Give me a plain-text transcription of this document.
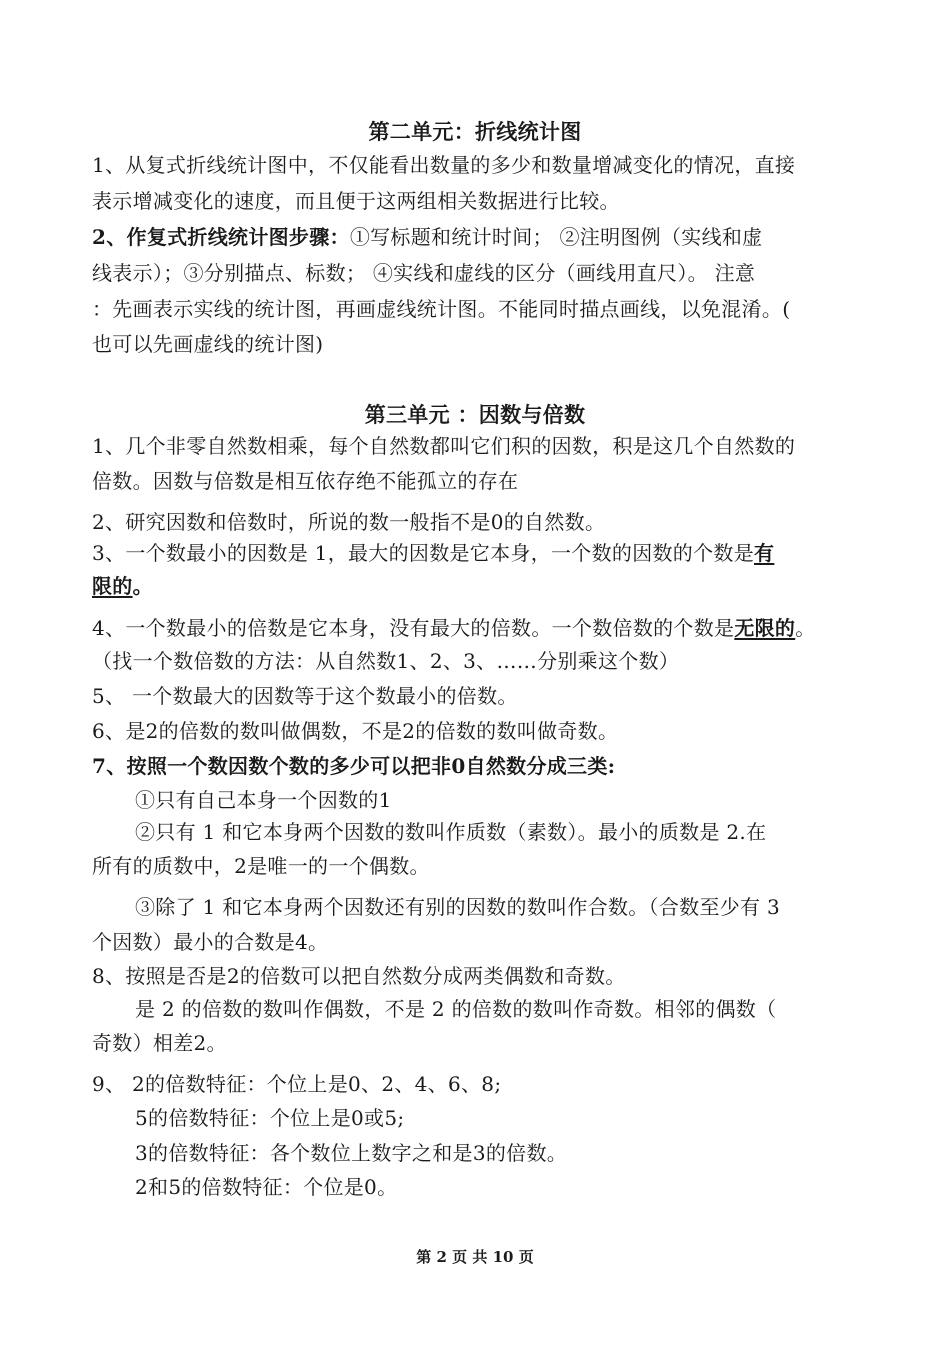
第二单元：折线统计图
1、从复式折线统计图中，不仅能看出数量的多少和数量增减变化的情况，直接
表示增减变化的速度，而且便于这两组相关数据进行比较。
2、作复式折线统计图步骤：①写标题和统计时间； ②注明图例（实线和虚
线表示）；③分别描点、标数； ④实线和虚线的区分（画线用直尺）。 注意
：先画表示实线的统计图，再画虚线统计图。不能同时描点画线，以免混淆。(
也可以先画虚线的统计图)
第三单元 ：因数与倍数
1、几个非零自然数相乘，每个自然数都叫它们积的因数，积是这几个自然数的
倍数。因数与倍数是相互依存绝不能孤立的存在
2、研究因数和倍数时，所说的数一般指不是0的自然数。
3、一个数最小的因数是 1，最大的因数是它本身，一个数的因数的个数是有
限的。
4、一个数最小的倍数是它本身，没有最大的倍数。一个数倍数的个数是无限的。
（找一个数倍数的方法：从自然数1、2、3、……分别乘这个数）
5、 一个数最大的因数等于这个数最小的倍数。
6、是2的倍数的数叫做偶数，不是2的倍数的数叫做奇数。
7、按照一个数因数个数的多少可以把非0自然数分成三类:
①只有自己本身一个因数的1
②只有 1 和它本身两个因数的数叫作质数（素数）。最小的质数是 2.在
所有的质数中，2是唯一的一个偶数。
③除了 1 和它本身两个因数还有别的因数的数叫作合数。（合数至少有 3
个因数）最小的合数是4。
8、按照是否是2的倍数可以把自然数分成两类偶数和奇数。
是 2 的倍数的数叫作偶数，不是 2 的倍数的数叫作奇数。相邻的偶数（
奇数）相差2。
9、 2的倍数特征：个位上是0、2、4、6、8;
5的倍数特征：个位上是0或5;
3的倍数特征：各个数位上数字之和是3的倍数。
2和5的倍数特征：个位是0。
第 2 页 共 10 页
